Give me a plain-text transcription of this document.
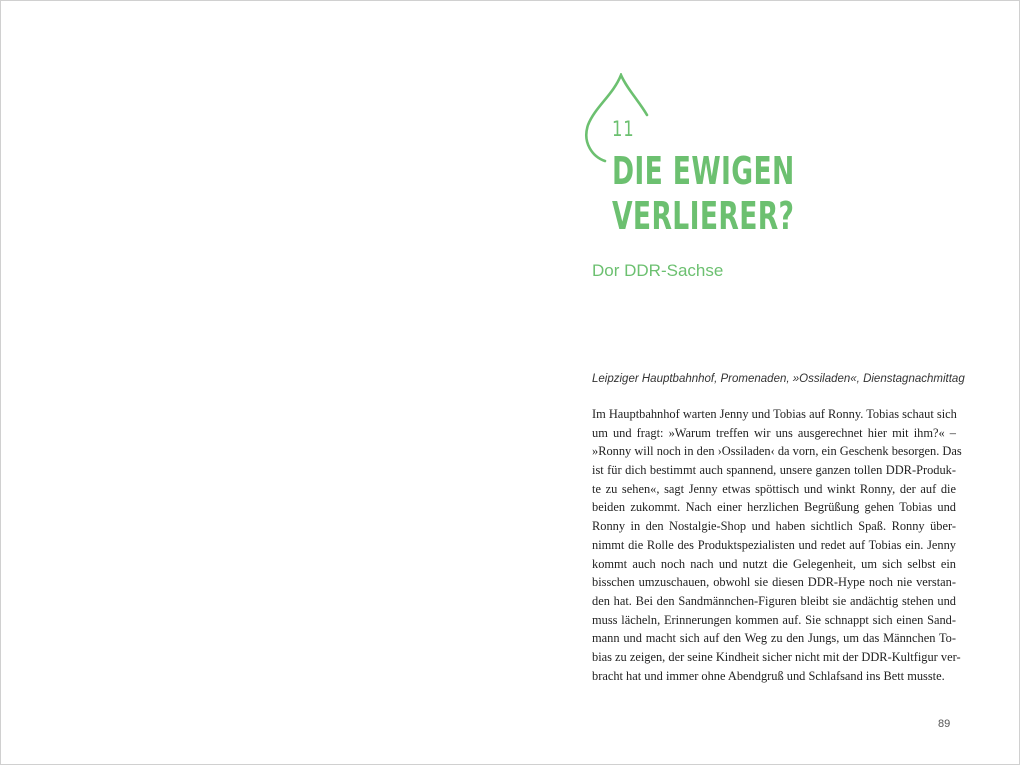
11
DIE EWIGEN
VERLIERER?
Dor DDR-Sachse
Leipziger Hauptbahnhof, Promenaden, »Ossiladen«, Dienstagnachmittag
Im Hauptbahnhof warten Jenny und Tobias auf Ronny. Tobias schaut sich
um und fragt: »Warum treffen wir uns ausgerechnet hier mit ihm?« –
»Ronny will noch in den ›Ossiladen‹ da vorn, ein Geschenk besorgen. Das
ist für dich bestimmt auch spannend, unsere ganzen tollen DDR-Produk-
te zu sehen«, sagt Jenny etwas spöttisch und winkt Ronny, der auf die
beiden zukommt. Nach einer herzlichen Begrüßung gehen Tobias und
Ronny in den Nostalgie-Shop und haben sichtlich Spaß. Ronny über-
nimmt die Rolle des Produktspezialisten und redet auf Tobias ein. Jenny
kommt auch noch nach und nutzt die Gelegenheit, um sich selbst ein
bisschen umzuschauen, obwohl sie diesen DDR-Hype noch nie verstan-
den hat. Bei den Sandmännchen-Figuren bleibt sie andächtig stehen und
muss lächeln, Erinnerungen kommen auf. Sie schnappt sich einen Sand-
mann und macht sich auf den Weg zu den Jungs, um das Männchen To-
bias zu zeigen, der seine Kindheit sicher nicht mit der DDR-Kultfigur ver-
bracht hat und immer ohne Abendgruß und Schlafsand ins Bett musste.
89
